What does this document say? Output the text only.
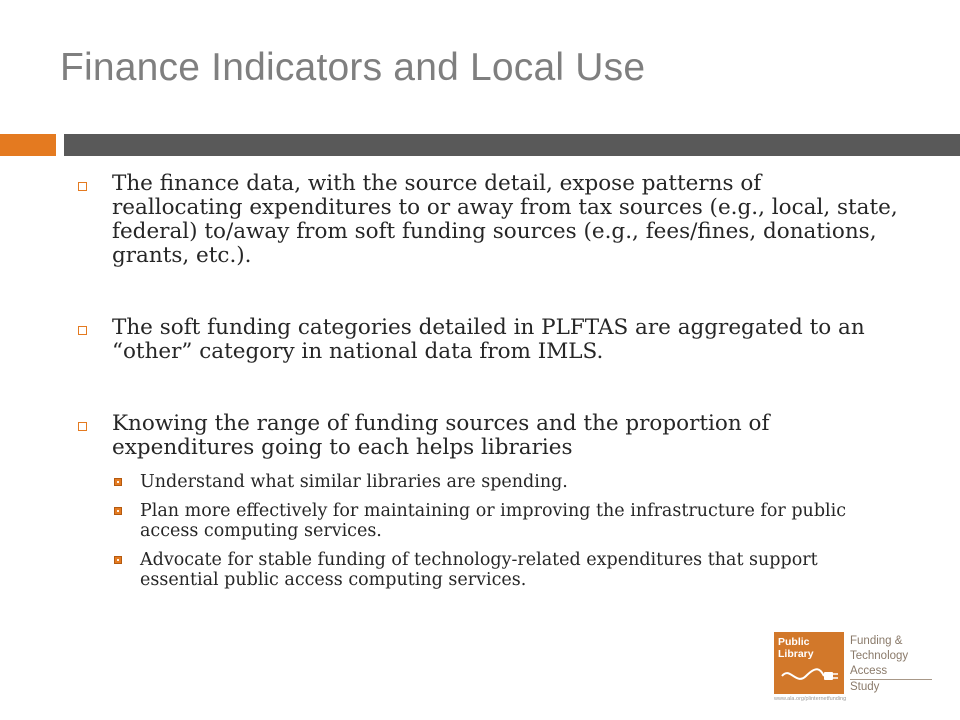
Finance Indicators and Local Use
The finance data, with the source detail, expose patterns of reallocating expenditures to or away from tax sources (e.g., local, state, federal) to/away from soft funding sources (e.g., fees/fines, donations, grants, etc.).
The soft funding categories detailed in PLFTAS are aggregated to an “other” category in national data from IMLS.
Knowing the range of funding sources and the proportion of expenditures going to each helps libraries
Understand what similar libraries are spending.
Plan more effectively for maintaining or improving the infrastructure for public access computing services.
Advocate for stable funding of technology-related expenditures that support essential public access computing services.
Public Library
Funding &
Technology Access
Study
www.ala.org/plinternetfunding
